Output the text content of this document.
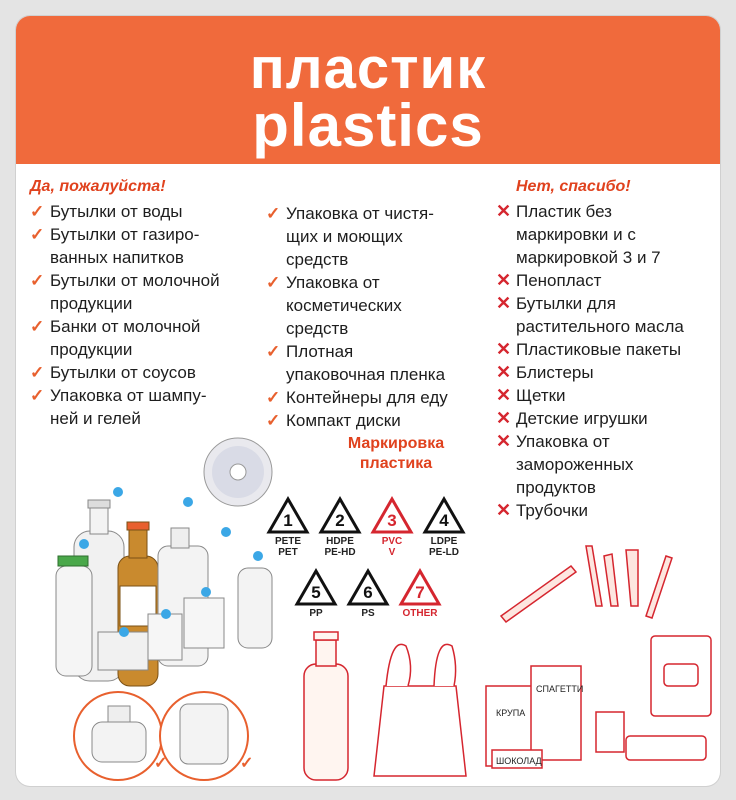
пластик
plastics
Да, пожалуйста!
✓ Бутылки от воды
✓ Бутылки от газиро-
ванных напитков
✓ Бутылки от молочной
продукции
✓ Банки от молочной
продукции
✓ Бутылки от соусов
✓ Упаковка от шампу-
ней и гелей
✓ Упаковка от чистя-
щих и моющих
средств
✓ Упаковка от
косметических
средств
✓ Плотная
упаковочная пленка
✓ Контейнеры для еду
✓ Компакт диски
Нет, спасибо!
✕ Пластик без
маркировки и с
маркировкой 3 и 7
✕ Пенопласт
✕ Бутылки для
растительного масла
✕ Пластиковые пакеты
✕ Блистеры
✕ Щетки
✕ Детские игрушки
✕ Упаковка от
замороженных
продуктов
✕ Трубочки
Маркировка
пластика
1
PETE
PET
2
HDPE
PE-HD
3
PVC
V
4
LDPE
PE-LD
5
PP
6
PS
7
OTHER
✓	✓
КРУПА
СПАГЕТТИ
ШОКОЛАД
